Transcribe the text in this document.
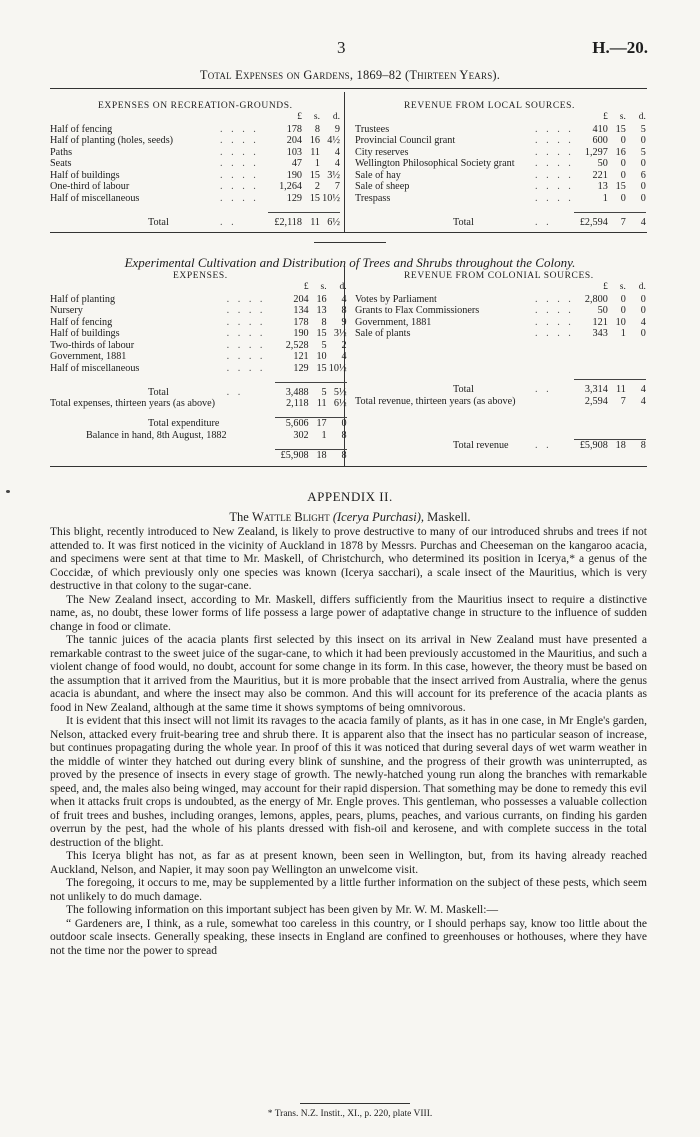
3	H.—20.
Total Expenses on Gardens, 1869–82 (Thirteen Years).
EXPENSES ON RECREATION-GROUNDS.	REVENUE FROM LOCAL SOURCES.
		£	s.	d.
Half of fencing	. . . .	178	8	9
Half of planting (holes, seeds)	. . . .	204	16	4½
Paths	. . . .	103	11	4
Seats	. . . .	47	1	4
Half of buildings	. . . .	190	15	3½
One-third of labour	. . . .	1,264	2	7
Half of miscellaneous	. . . .	129	15	10½

Total	. .	£2,118	11	6½
		£	s.	d.
Trustees	. . . .	410	15	5
Provincial Council grant	. . . .	600	0	0
City reserves	. . . .	1,297	16	5
Wellington Philosophical Society grant	. . . .	50	0	0
Sale of hay	. . . .	221	0	6
Sale of sheep	. . . .	13	15	0
Trespass	. . . .	1	0	0

Total	. .	£2,594	7	4
Experimental Cultivation and Distribution of Trees and Shrubs throughout the Colony.
EXPENSES.	REVENUE FROM COLONIAL SOURCES.
		£	s.	d.
Half of planting	. . . .	204	16	4
Nursery	. . . .	134	13	8
Half of fencing	. . . .	178	8	9
Half of buildings	. . . .	190	15	3½
Two-thirds of labour	. . . .	2,528	5	2
Government, 1881	. . . .	121	10	4
Half of miscellaneous	. . . .	129	15	10½

Total	. .	3,488	5	5½
Total expenses, thirteen years (as above)		2,118	11	6½

Total expenditure		5,606	17	0
Balance in hand, 8th August, 1882		302	1	8

		£5,908	18	8
		£	s.	d.
Votes by Parliament	. . . .	2,800	0	0
Grants to Flax Commissioners	. . . .	50	0	0
Government, 1881	. . . .	121	10	4
Sale of plants	. . . .	343	1	0

Total	. .	3,314	11	4
Total revenue, thirteen years (as above)		2,594	7	4

Total revenue	. .	£5,908	18	8
APPENDIX II.
The Wattle Blight (Icerya Purchasi), Maskell.

This blight, recently introduced to New Zealand, is likely to prove destructive to many of our introduced shrubs and trees if not attended to. It was first noticed in the vicinity of Auckland in 1878 by Messrs. Purchas and Cheeseman on the kangaroo acacia, and specimens were sent at that time to Mr. Maskell, of Christchurch, who determined its position in Icerya,* a genus of the Coccidæ, of which previously only one species was known (Icerya sacchari), a scale insect of the Mauritius, which is very destructive in that colony to the sugar-cane.

The New Zealand insect, according to Mr. Maskell, differs sufficiently from the Mauritius insect to require a distinctive name, as, no doubt, these lower forms of life possess a large power of adaptative change in structure to the influence of sudden change in food or climate.

The tannic juices of the acacia plants first selected by this insect on its arrival in New Zealand must have presented a remarkable contrast to the sweet juice of the sugar-cane, to which it had been previously accustomed in the Mauritius, and such a violent change of food would, no doubt, account for some change in its form. In this case, however, the theory must be based on the assumption that it arrived from the Mauritius, but it is more probable that the insect arrived from Australia, where the genus acacia is abundant, and where the insect may also be common. And this will account for its preference of the acacia plants as food in New Zealand, although at the same time it shows symptoms of being omnivorous.

It is evident that this insect will not limit its ravages to the acacia family of plants, as it has in one case, in Mr Engle's garden, Nelson, attacked every fruit-bearing tree and shrub there. It is apparent also that the insect has no particular season of increase, but continues propagating during the whole year. In proof of this it was noticed that during several days of wet warm weather in the middle of winter they hatched out during every blink of sunshine, and the progress of their growth was uninterrupted, as proved by the presence of insects in every stage of growth. The newly-hatched young run along the branches with remarkable speed, and, the males also being winged, may account for their rapid dispersion. That something may be done to remedy this evil when it attacks fruit crops is undoubted, as the energy of Mr. Engle proves. This gentleman, who possesses a valuable collection of fruit trees and bushes, including oranges, lemons, apples, pears, plums, peaches, and various currants, on finding his garden overrun by the pest, had the whole of his plants dressed with fish-oil and kerosene, and with complete success in the total destruction of the blight.

This Icerya blight has not, as far as at present known, been seen in Wellington, but, from its having already reached Auckland, Nelson, and Napier, it may soon pay Wellington an unwelcome visit.

The foregoing, it occurs to me, may be supplemented by a little further information on the subject of these pests, which seem not unlikely to do much damage.

The following information on this important subject has been given by Mr. W. M. Maskell:—

“ Gardeners are, I think, as a rule, somewhat too careless in this country, or I should perhaps say, know too little about the outdoor scale insects. Generally speaking, these insects in England are confined to greenhouses or hothouses, where they have not the time nor the power to spread

* Trans. N.Z. Instit., XI., p. 220, plate VIII.
